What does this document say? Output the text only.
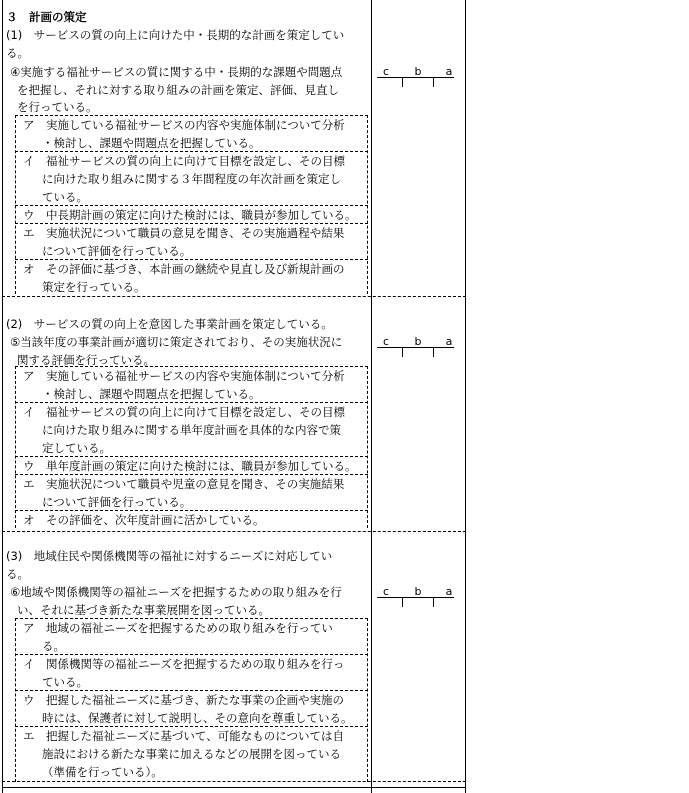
３　計画の策定
(1)　サービスの質の向上に向けた中・長期的な計画を策定してい
る。
④実施する福祉サービスの質に関する中・長期的な課題や問題点
を把握し、それに対する取り組みの計画を策定、評価、見直し
を行っている。
c b a
ア　実施している福祉サービスの内容や実施体制について分析
・検討し、課題や問題点を把握している。
イ　福祉サービスの質の向上に向けて目標を設定し、その目標
に向けた取り組みに関する３年間程度の年次計画を策定し
ている。
ウ　中長期計画の策定に向けた検討には、職員が参加している。
エ　実施状況について職員の意見を聞き、その実施過程や結果
について評価を行っている。
オ　その評価に基づき、本計画の継続や見直し及び新規計画の
策定を行っている。
(2)　サービスの質の向上を意図した事業計画を策定している。
⑤当該年度の事業計画が適切に策定されており、その実施状況に
関する評価を行っている。
c b a
ア　実施している福祉サービスの内容や実施体制について分析
・検討し、課題や問題点を把握している。
イ　福祉サービスの質の向上に向けて目標を設定し、その目標
に向けた取り組みに関する単年度計画を具体的な内容で策
定している。
ウ　単年度計画の策定に向けた検討には、職員が参加している。
エ　実施状況について職員や児童の意見を聞き、その実施結果
について評価を行っている。
オ　その評価を、次年度計画に活かしている。
(3)　地域住民や関係機関等の福祉に対するニーズに対応してい
る。
⑥地域や関係機関等の福祉ニーズを把握するための取り組みを行
い、それに基づき新たな事業展開を図っている。
c b a
ア　地域の福祉ニーズを把握するための取り組みを行ってい
る。
イ　関係機関等の福祉ニーズを把握するための取り組みを行っ
ている。
ウ　把握した福祉ニーズに基づき、新たな事業の企画や実施の
時には、保護者に対して説明し、その意向を尊重している。
エ　把握した福祉ニーズに基づいて、可能なものについては自
施設における新たな事業に加えるなどの展開を図っている
（準備を行っている）。
